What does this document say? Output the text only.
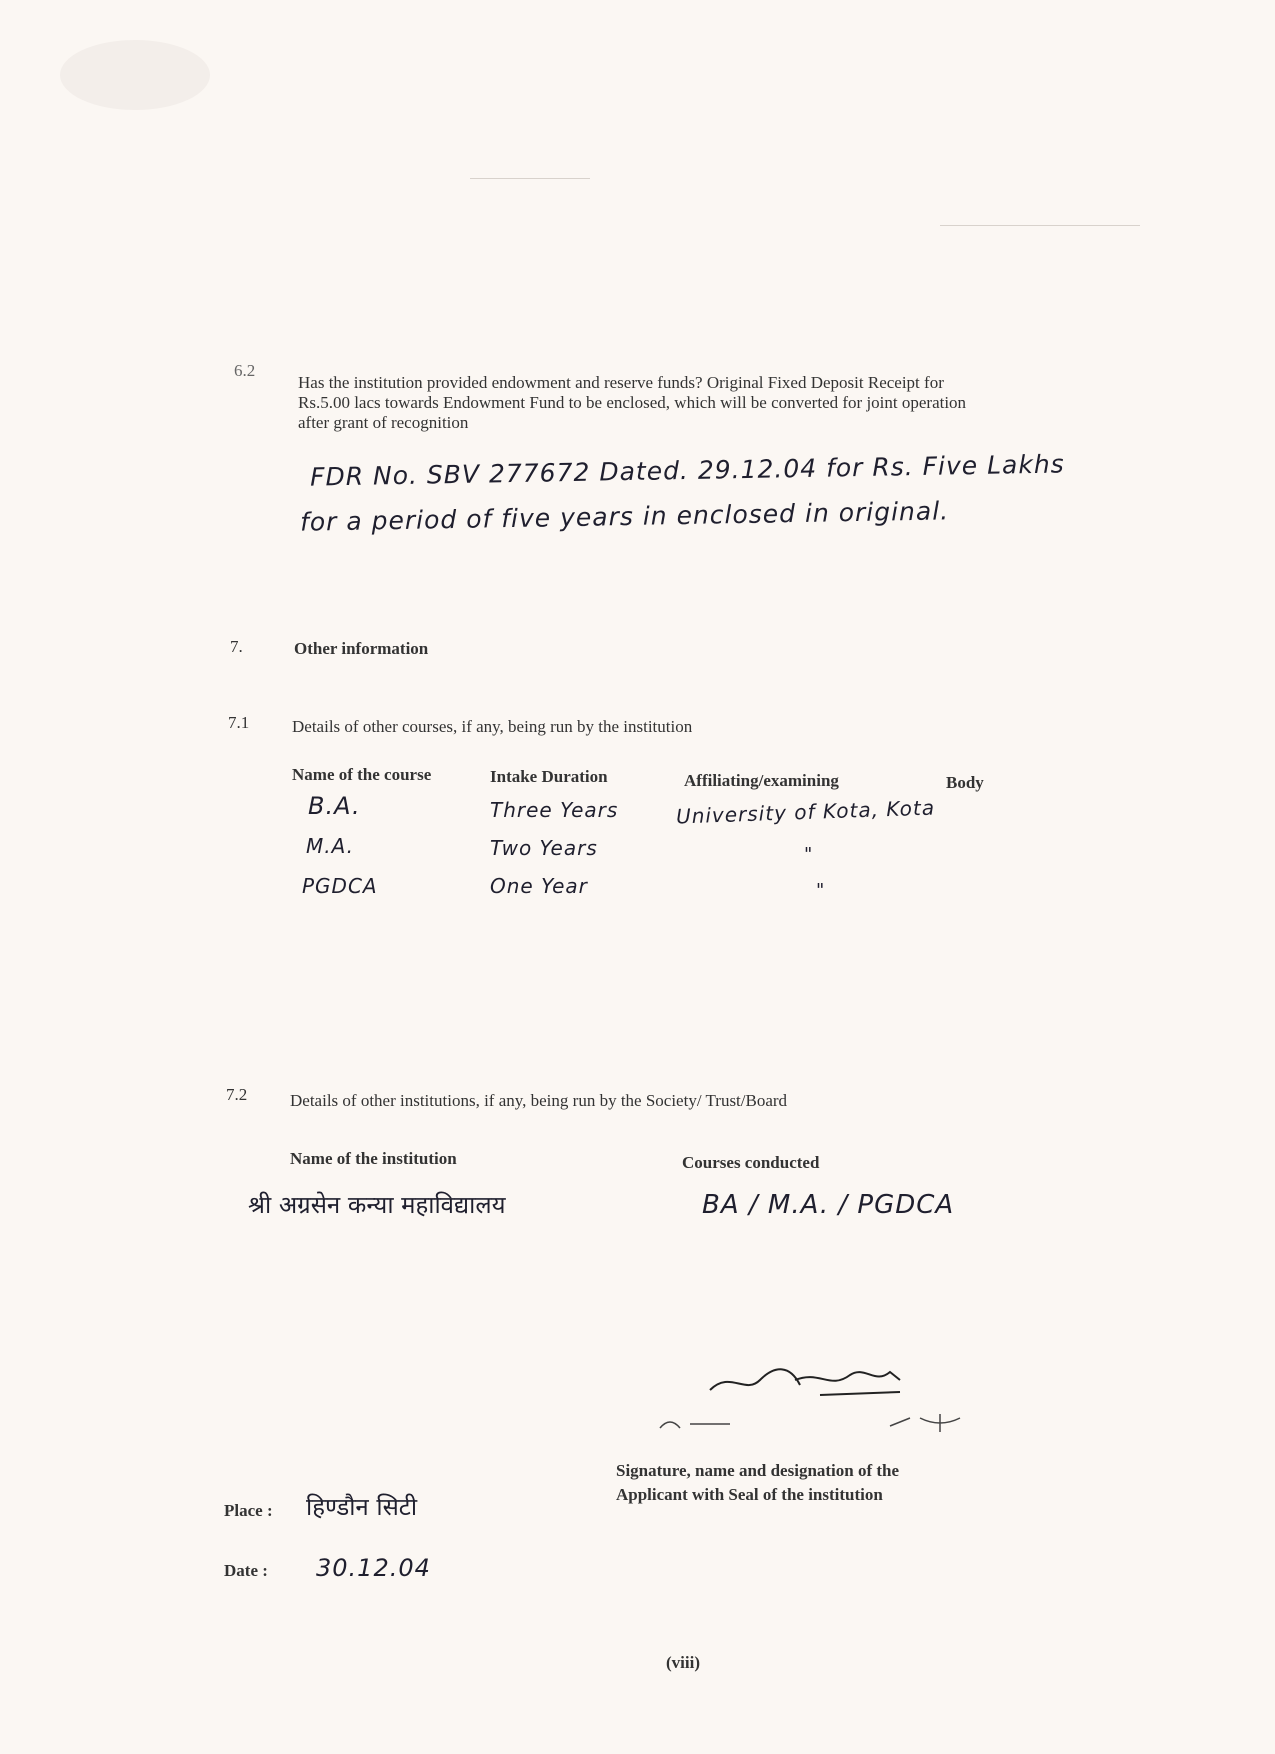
6.2
Has the institution provided endowment and reserve funds? Original Fixed Deposit Receipt for
Rs.5.00 lacs towards Endowment Fund to be enclosed, which will be converted for joint operation
after grant of recognition
FDR No. SBV 277672 Dated. 29.12.04 for Rs. Five Lakhs
for a period of five years in enclosed in original.
7.	Other information
7.1	Details of other courses, if any, being run by the institution
Name of the course	Intake Duration	Affiliating/examining	Body
B.A.	Three Years	University of Kota, Kota
M.A.	Two Years	"
PGDCA	One Year	"
7.2	Details of other institutions, if any, being run by the Society/ Trust/Board
Name of the institution	Courses conducted
श्री अग्रसेन कन्या महाविद्यालय	BA / M.A. / PGDCA
Signature, name and designation of the
Applicant with Seal of the institution
Place : हिण्डौन सिटी
Date : 30.12.04
(viii)
